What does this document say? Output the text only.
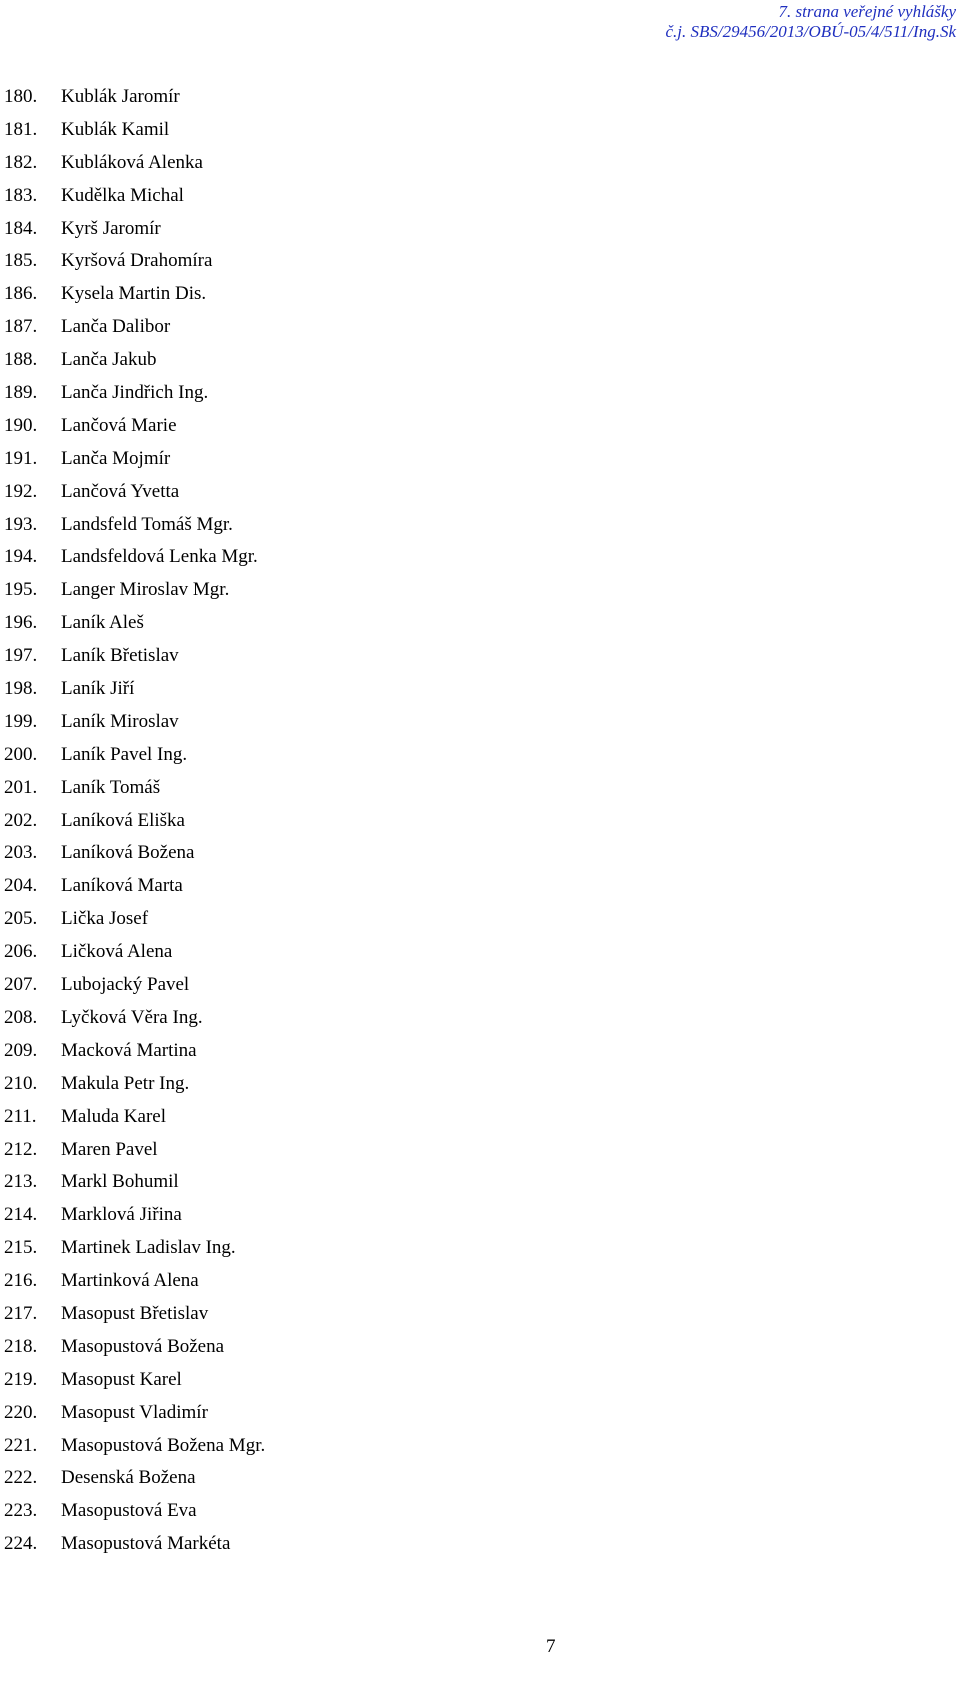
7. strana veřejné vyhlášky
č.j. SBS/29456/2013/OBÚ-05/4/511/Ing.Sk
180.	Kublák Jaromír
181.	Kublák Kamil
182.	Kubláková Alenka
183.	Kudělka Michal
184.	Kyrš Jaromír
185.	Kyršová Drahomíra
186.	Kysela Martin Dis.
187.	Lanča Dalibor
188.	Lanča Jakub
189.	Lanča Jindřich Ing.
190.	Lančová Marie
191.	Lanča Mojmír
192.	Lančová Yvetta
193.	Landsfeld Tomáš Mgr.
194.	Landsfeldová Lenka Mgr.
195.	Langer Miroslav Mgr.
196.	Laník Aleš
197.	Laník Břetislav
198.	Laník Jiří
199.	Laník Miroslav
200.	Laník Pavel Ing.
201.	Laník Tomáš
202.	Laníková Eliška
203.	Laníková Božena
204.	Laníková Marta
205.	Lička Josef
206.	Ličková Alena
207.	Lubojacký Pavel
208.	Lyčková Věra Ing.
209.	Macková Martina
210.	Makula Petr Ing.
211.	Maluda Karel
212.	Maren Pavel
213.	Markl Bohumil
214.	Marklová Jiřina
215.	Martinek Ladislav Ing.
216.	Martinková Alena
217.	Masopust Břetislav
218.	Masopustová Božena
219.	Masopust Karel
220.	Masopust Vladimír
221.	Masopustová Božena Mgr.
222.	Desenská Božena
223.	Masopustová Eva
224.	Masopustová Markéta
7
